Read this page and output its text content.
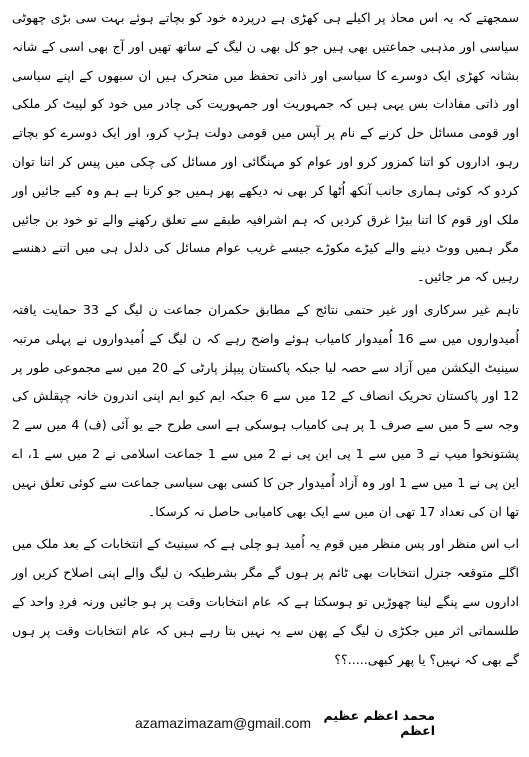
سمجھتے کہ یہ اس محاذ پر اکیلے ہی کھڑی ہے درپردہ خود کو بچاتے ہوئے بہت سی بڑی چھوٹی سیاسی اور مذہبی جماعتیں بھی ہیں جو کل بھی ن لیگ کے ساتھ تھیں اور آج بھی اسی کے شانہ بشانہ کھڑی ایک دوسرے کا سیاسی اور ذاتی تحفظ میں متحرک ہیں ان سبھوں کے اپنے سیاسی اور ذاتی مفادات بس یہی ہیں کہ جمہوریت اور جمہوریت کی چادر میں خود کو لپیٹ کر ملکی اور قومی مسائل حل کرنے کے نام پر آپس میں قومی دولت ہڑپ کرو، اور ایک دوسرے کو بچاتے رہو، اداروں کو اتنا کمزور کرو اور عوام کو مہنگائی اور مسائل کی چکی میں پیس کر اتنا توان کردو کہ کوئی ہماری جانب آنکھ اُٹھا کر بھی نہ دیکھے پھر ہمیں جو کرنا ہے ہم وہ کیے جائیں اور ملک اور قوم کا اتنا بیڑا غرق کردیں کہ ہم اشرافیہ طبقے سے تعلق رکھنے والے تو خود بن جائیں مگر ہمیں ووٹ دینے والے کیڑے مکوڑے جیسے غریب عوام مسائل کی دلدل ہی میں اتنے دھنسے رہیں کہ مر جائیں۔

تاہم غیر سرکاری اور غیر حتمی نتائج کے مطابق حکمران جماعت ن لیگ کے 33 حمایت یافتہ اُمیدواروں میں سے 16 اُمیدوار کامیاب ہوئے واضح رہے کہ ن لیگ کے اُمیدواروں نے پہلی مرتبہ سینیٹ الیکشن میں آزاد سے حصہ لیا جبکہ پاکستان پیپلز پارٹی کے 20 میں سے مجموعی طور پر 12 اور پاکستان تحریک انصاف کے 12 میں سے 6 جبکہ ایم کیو ایم اپنی اندرون خانہ چپقلش کی وجہ سے 5 میں سے صرف 1 پر ہی کامیاب ہوسکی ہے اسی طرح جے یو آئی (ف) 4 میں سے 2 پشتونخوا میپ نے 3 میں سے 1 پی این پی نے 2 میں سے 1 جماعت اسلامی نے 2 میں سے 1، اے این پی نے 1 میں سے 1 اور وہ آزاد اُمیدوار جن کا کسی بھی سیاسی جماعت سے کوئی تعلق نہیں تھا ان کی تعداد 17 تھی ان میں سے ایک بھی کامیابی حاصل نہ کرسکا۔

اب اس منظر اور پس منظر میں قوم یہ اُمید ہو چلی ہے کہ سینیٹ کے انتخابات کے بعد ملک میں اگلے متوقعہ جنرل انتخابات بھی ٹائم پر ہوں گے مگر بشرطیکہ ن لیگ والے اپنی اصلاح کریں اور اداروں سے پنگے لینا چھوڑیں تو ہوسکتا ہے کہ عام انتخابات وقت پر ہو جائیں ورنہ فردِ واحد کے طلسماتی اثر میں جکڑی ن لیگ کے پھن سے یہ نہیں بتا رہے ہیں کہ عام انتخابات وقت پر ہوں گے بھی کہ نہیں؟ یا پھر کبھی.....؟؟

azamazimazam@gmail.com محمد اعظم عظیم اعظم
